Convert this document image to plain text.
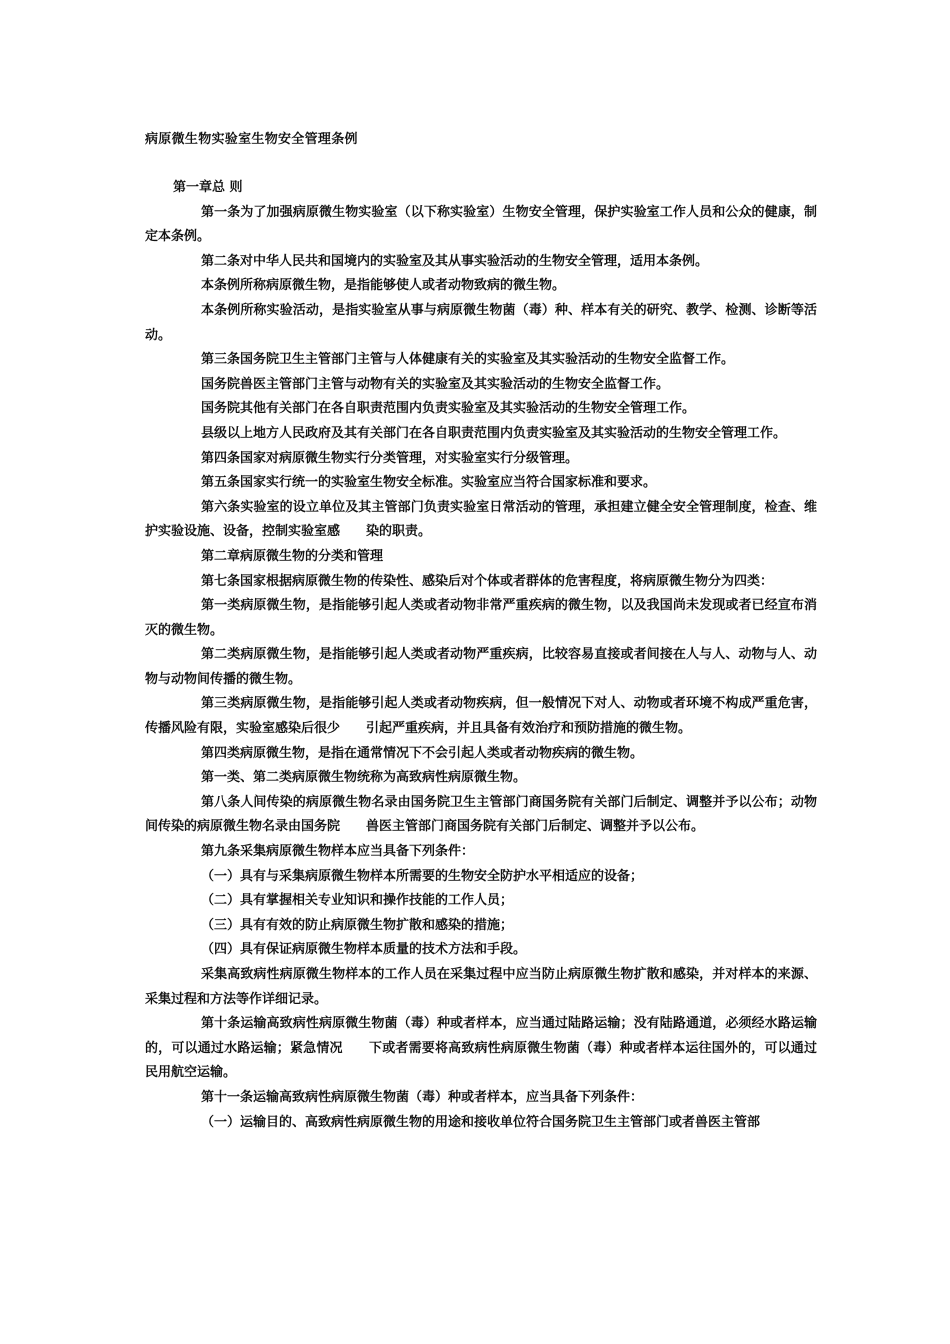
病原微生物实验室生物安全管理条例

第一章总 则

第一条为了加强病原微生物实验室（以下称实验室）生物安全管理，保护实验室工作人员和公众的健康，制定本条例。

第二条对中华人民共和国境内的实验室及其从事实验活动的生物安全管理，适用本条例。

本条例所称病原微生物，是指能够使人或者动物致病的微生物。

本条例所称实验活动，是指实验室从事与病原微生物菌（毒）种、样本有关的研究、教学、检测、诊断等活动。

第三条国务院卫生主管部门主管与人体健康有关的实验室及其实验活动的生物安全监督工作。

国务院兽医主管部门主管与动物有关的实验室及其实验活动的生物安全监督工作。

国务院其他有关部门在各自职责范围内负责实验室及其实验活动的生物安全管理工作。

县级以上地方人民政府及其有关部门在各自职责范围内负责实验室及其实验活动的生物安全管理工作。

第四条国家对病原微生物实行分类管理，对实验室实行分级管理。

第五条国家实行统一的实验室生物安全标准。实验室应当符合国家标准和要求。

第六条实验室的设立单位及其主管部门负责实验室日常活动的管理，承担建立健全安全管理制度，检查、维护实验设施、设备，控制实验室感　　染的职责。

第二章病原微生物的分类和管理

第七条国家根据病原微生物的传染性、感染后对个体或者群体的危害程度，将病原微生物分为四类：

第一类病原微生物，是指能够引起人类或者动物非常严重疾病的微生物，以及我国尚未发现或者已经宣布消灭的微生物。

第二类病原微生物，是指能够引起人类或者动物严重疾病，比较容易直接或者间接在人与人、动物与人、动物与动物间传播的微生物。

第三类病原微生物，是指能够引起人类或者动物疾病，但一般情况下对人、动物或者环境不构成严重危害，传播风险有限，实验室感染后很少　　引起严重疾病，并且具备有效治疗和预防措施的微生物。

第四类病原微生物，是指在通常情况下不会引起人类或者动物疾病的微生物。

第一类、第二类病原微生物统称为高致病性病原微生物。

第八条人间传染的病原微生物名录由国务院卫生主管部门商国务院有关部门后制定、调整并予以公布；动物间传染的病原微生物名录由国务院　　兽医主管部门商国务院有关部门后制定、调整并予以公布。

第九条采集病原微生物样本应当具备下列条件：

（一）具有与采集病原微生物样本所需要的生物安全防护水平相适应的设备；

（二）具有掌握相关专业知识和操作技能的工作人员；

（三）具有有效的防止病原微生物扩散和感染的措施；

（四）具有保证病原微生物样本质量的技术方法和手段。

采集高致病性病原微生物样本的工作人员在采集过程中应当防止病原微生物扩散和感染，并对样本的来源、采集过程和方法等作详细记录。

第十条运输高致病性病原微生物菌（毒）种或者样本，应当通过陆路运输；没有陆路通道，必须经水路运输的，可以通过水路运输；紧急情况　　下或者需要将高致病性病原微生物菌（毒）种或者样本运往国外的，可以通过民用航空运输。

第十一条运输高致病性病原微生物菌（毒）种或者样本，应当具备下列条件：

（一）运输目的、高致病性病原微生物的用途和接收单位符合国务院卫生主管部门或者兽医主管部
